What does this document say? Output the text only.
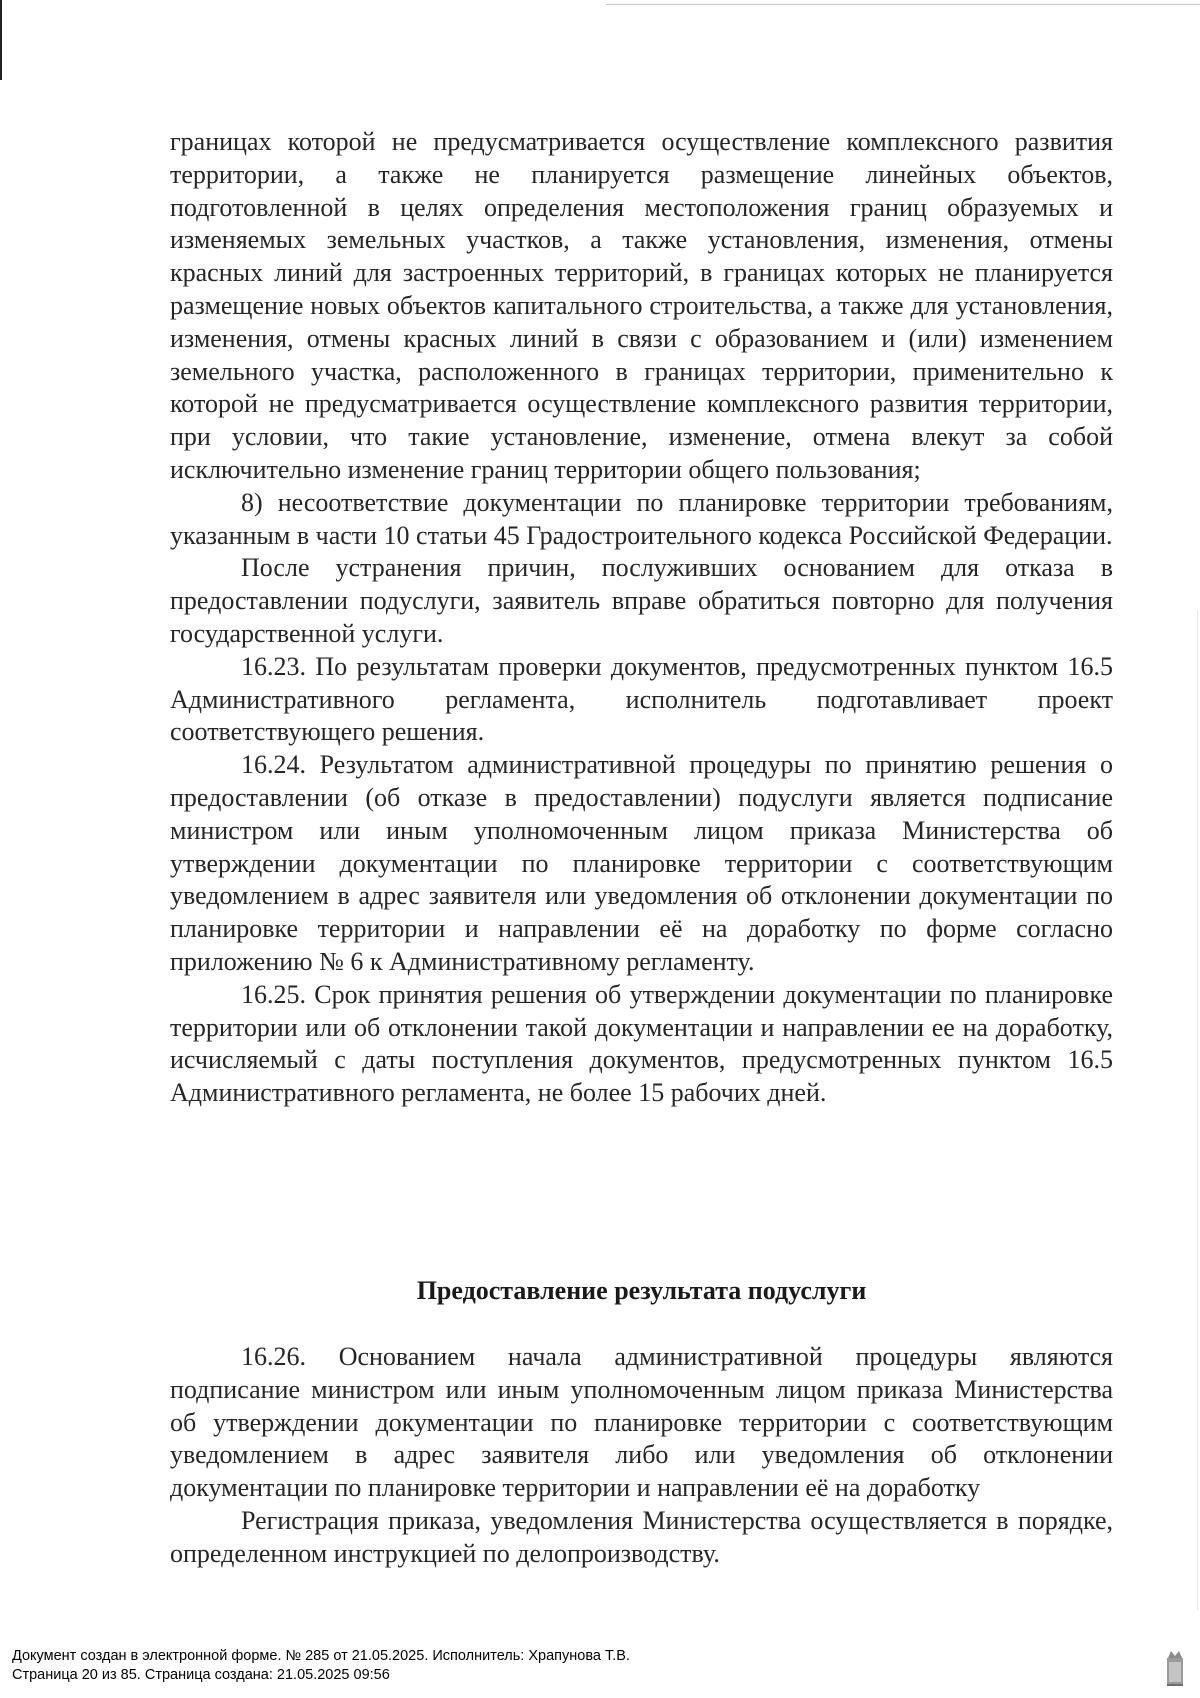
границах которой не предусматривается осуществление комплексного развития территории, а также не планируется размещение линейных объектов, подготовленной в целях определения местоположения границ образуемых и изменяемых земельных участков, а также установления, изменения, отмены красных линий для застроенных территорий, в границах которых не планируется размещение новых объектов капитального строительства, а также для установления, изменения, отмены красных линий в связи с образованием и (или) изменением земельного участка, расположенного в границах территории, применительно к которой не предусматривается осуществление комплексного развития территории, при условии, что такие установление, изменение, отмена влекут за собой исключительно изменение границ территории общего пользования;

8) несоответствие документации по планировке территории требованиям, указанным в части 10 статьи 45 Градостроительного кодекса Российской Федерации.

После устранения причин, послуживших основанием для отказа в предоставлении подуслуги, заявитель вправе обратиться повторно для получения государственной услуги.

16.23. По результатам проверки документов, предусмотренных пунктом 16.5 Административного регламента, исполнитель подготавливает проект соответствующего решения.

16.24. Результатом административной процедуры по принятию решения о предоставлении (об отказе в предоставлении) подуслуги является подписание министром или иным уполномоченным лицом приказа Министерства об утверждении документации по планировке территории с соответствующим уведомлением в адрес заявителя или уведомления об отклонении документации по планировке территории и направлении её на доработку по форме согласно приложению № 6 к Административному регламенту.

16.25. Срок принятия решения об утверждении документации по планировке территории или об отклонении такой документации и направлении ее на доработку, исчисляемый с даты поступления документов, предусмотренных пунктом 16.5 Административного регламента, не более 15 рабочих дней.

Предоставление результата подуслуги

16.26. Основанием начала административной процедуры являются подписание министром или иным уполномоченным лицом приказа Министерства об утверждении документации по планировке территории с соответствующим уведомлением в адрес заявителя либо или уведомления об отклонении документации по планировке территории и направлении её на доработку

Регистрация приказа, уведомления Министерства осуществляется в порядке, определенном инструкцией по делопроизводству.

Документ создан в электронной форме. № 285 от 21.05.2025. Исполнитель: Храпунова Т.В.
Страница 20 из 85. Страница создана: 21.05.2025 09:56
